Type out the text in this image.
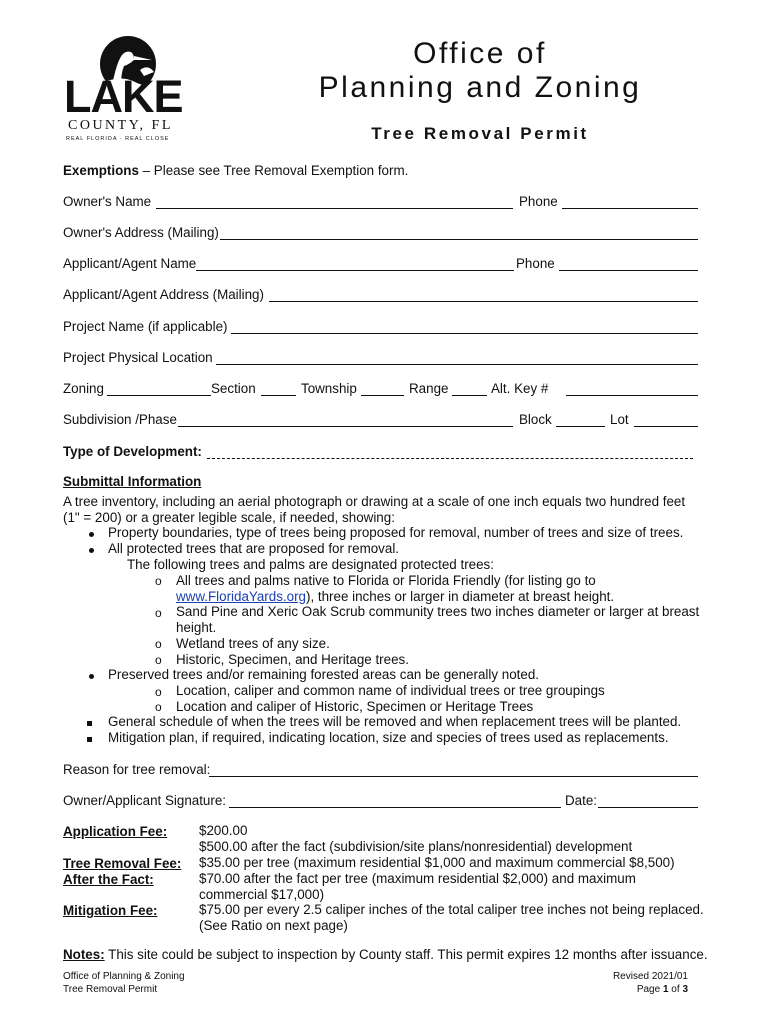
LAKE
COUNTY, FL
REAL FLORIDA · REAL CLOSE
Office of
Planning and Zoning
Tree Removal Permit
Exemptions – Please see Tree Removal Exemption form.
Owner's Name	Phone
Owner's Address (Mailing)
Applicant/Agent Name	Phone
Applicant/Agent Address (Mailing)
Project Name (if applicable)
Project Physical Location
Zoning	Section	Township	Range	Alt. Key #
Subdivision /Phase	Block	Lot
Type of Development:
Submittal Information
A tree inventory, including an aerial photograph or drawing at a scale of one inch equals two hundred feet
(1" = 200) or a greater legible scale, if needed, showing:
Property boundaries, type of trees being proposed for removal, number of trees and size of trees.
All protected trees that are proposed for removal.
The following trees and palms are designated protected trees:
o All trees and palms native to Florida or Florida Friendly (for listing go to
www.FloridaYards.org), three inches or larger in diameter at breast height.
o Sand Pine and Xeric Oak Scrub community trees two inches diameter or larger at breast
height.
o Wetland trees of any size.
o Historic, Specimen, and Heritage trees.
Preserved trees and/or remaining forested areas can be generally noted.
o Location, caliper and common name of individual trees or tree groupings
o Location and caliper of Historic, Specimen or Heritage Trees
General schedule of when the trees will be removed and when replacement trees will be planted.
Mitigation plan, if required, indicating location, size and species of trees used as replacements.
Reason for tree removal:
Owner/Applicant Signature:	Date:
Application Fee: $200.00
$500.00 after the fact (subdivision/site plans/nonresidential) development
Tree Removal Fee: $35.00 per tree (maximum residential $1,000 and maximum commercial $8,500)
After the Fact:	$70.00 after the fact per tree (maximum residential $2,000) and maximum
commercial $17,000)
Mitigation Fee:	$75.00 per every 2.5 caliper inches of the total caliper tree inches not being replaced.
(See Ratio on next page)
Notes: This site could be subject to inspection by County staff. This permit expires 12 months after issuance.
Office of Planning & Zoning
Tree Removal Permit
Revised 2021/01
Page 1 of 3
